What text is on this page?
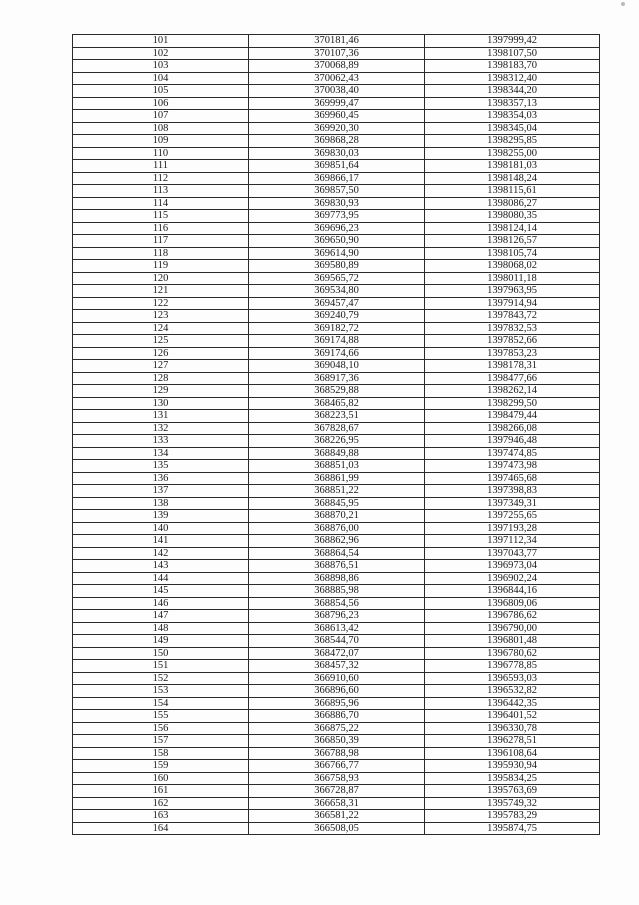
101	370181,46	1397999,42
102	370107,36	1398107,50
103	370068,89	1398183,70
104	370062,43	1398312,40
105	370038,40	1398344,20
106	369999,47	1398357,13
107	369960,45	1398354,03
108	369920,30	1398345,04
109	369868,28	1398295,85
110	369830,03	1398255,00
111	369851,64	1398181,03
112	369866,17	1398148,24
113	369857,50	1398115,61
114	369830,93	1398086,27
115	369773,95	1398080,35
116	369696,23	1398124,14
117	369650,90	1398126,57
118	369614,90	1398105,74
119	369580,89	1398068,02
120	369565,72	1398011,18
121	369534,80	1397963,95
122	369457,47	1397914,94
123	369240,79	1397843,72
124	369182,72	1397832,53
125	369174,88	1397852,66
126	369174,66	1397853,23
127	369048,10	1398178,31
128	368917,36	1398477,66
129	368529,88	1398262,14
130	368465,82	1398299,50
131	368223,51	1398479,44
132	367828,67	1398266,08
133	368226,95	1397946,48
134	368849,88	1397474,85
135	368851,03	1397473,98
136	368861,99	1397465,68
137	368851,22	1397398,83
138	368845,95	1397349,31
139	368870,21	1397255,65
140	368876,00	1397193,28
141	368862,96	1397112,34
142	368864,54	1397043,77
143	368876,51	1396973,04
144	368898,86	1396902,24
145	368885,98	1396844,16
146	368854,56	1396809,06
147	368796,23	1396786,62
148	368613,42	1396790,00
149	368544,70	1396801,48
150	368472,07	1396780,62
151	368457,32	1396778,85
152	366910,60	1396593,03
153	366896,60	1396532,82
154	366895,96	1396442,35
155	366886,70	1396401,52
156	366875,22	1396330,78
157	366850,39	1396278,51
158	366788,98	1396108,64
159	366766,77	1395930,94
160	366758,93	1395834,25
161	366728,87	1395763,69
162	366658,31	1395749,32
163	366581,22	1395783,29
164	366508,05	1395874,75
